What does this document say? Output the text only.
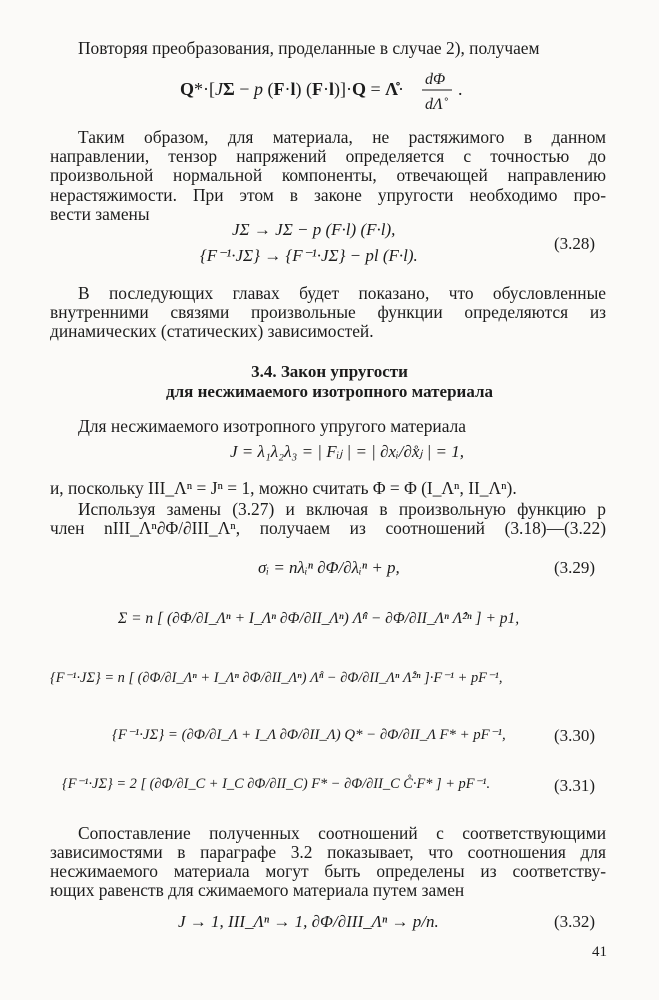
Повторяя преобразования, проделанные в случае 2), получаем
Q*·[JΣ − p (F·l) (F·l)]·Q = Λ̊· dΦ
dΛ̊
.
Таким образом, для материала, не растяжимого в данном
направлении, тензор напряжений определяется с точностью до
произвольной нормальной компоненты, отвечающей направлению
нерастяжимости. При этом в законе упругости необходимо про-
вести замены
JΣ → JΣ − p (F·l) (F·l),
{F⁻¹·JΣ} → {F⁻¹·JΣ} − pl (F·l).
(3.28)
В последующих главах будет показано, что обусловленные
внутренними связями произвольные функции определяются из
динамических (статических) зависимостей.
3.4. Закон упругости
для несжимаемого изотропного материала
Для несжимаемого изотропного упругого материала
J = λ₁λ₂λ₃ = | Fᵢⱼ | = | ∂xᵢ/∂x̊ⱼ | = 1,
и, поскольку III_Λⁿ = Jⁿ = 1, можно считать Φ = Φ (I_Λⁿ, II_Λⁿ).
Используя замены (3.27) и включая в произвольную функцию p
член nIII_Λⁿ∂Φ/∂III_Λⁿ, получаем из соотношений (3.18)—(3.22)
σᵢ = nλᵢⁿ ∂Φ/∂λᵢⁿ + p,	(3.29)
Σ = n [ (∂Φ/∂I_Λⁿ + I_Λⁿ ∂Φ/∂II_Λⁿ) Λ̂ⁿ − ∂Φ/∂II_Λⁿ Λ̂²ⁿ ] + p1,
{F⁻¹·JΣ} = n [ (∂Φ/∂I_Λⁿ + I_Λⁿ ∂Φ/∂II_Λⁿ) Λ̊ⁿ − ∂Φ/∂II_Λⁿ Λ̊²ⁿ ]·F⁻¹ + pF⁻¹,
{F⁻¹·JΣ} = (∂Φ/∂I_Λ + I_Λ ∂Φ/∂II_Λ) Q* − ∂Φ/∂II_Λ F* + pF⁻¹,	(3.30)
{F⁻¹·JΣ} = 2 [ (∂Φ/∂I_C + I_C ∂Φ/∂II_C) F* − ∂Φ/∂II_C C̊·F* ] + pF⁻¹.	(3.31)
Сопоставление полученных соотношений с соответствующими
зависимостями в параграфе 3.2 показывает, что соотношения для
несжимаемого материала могут быть определены из соответству-
ющих равенств для сжимаемого материала путем замен
J → 1, III_Λⁿ → 1, ∂Φ/∂III_Λⁿ → p/n.	(3.32)
41
